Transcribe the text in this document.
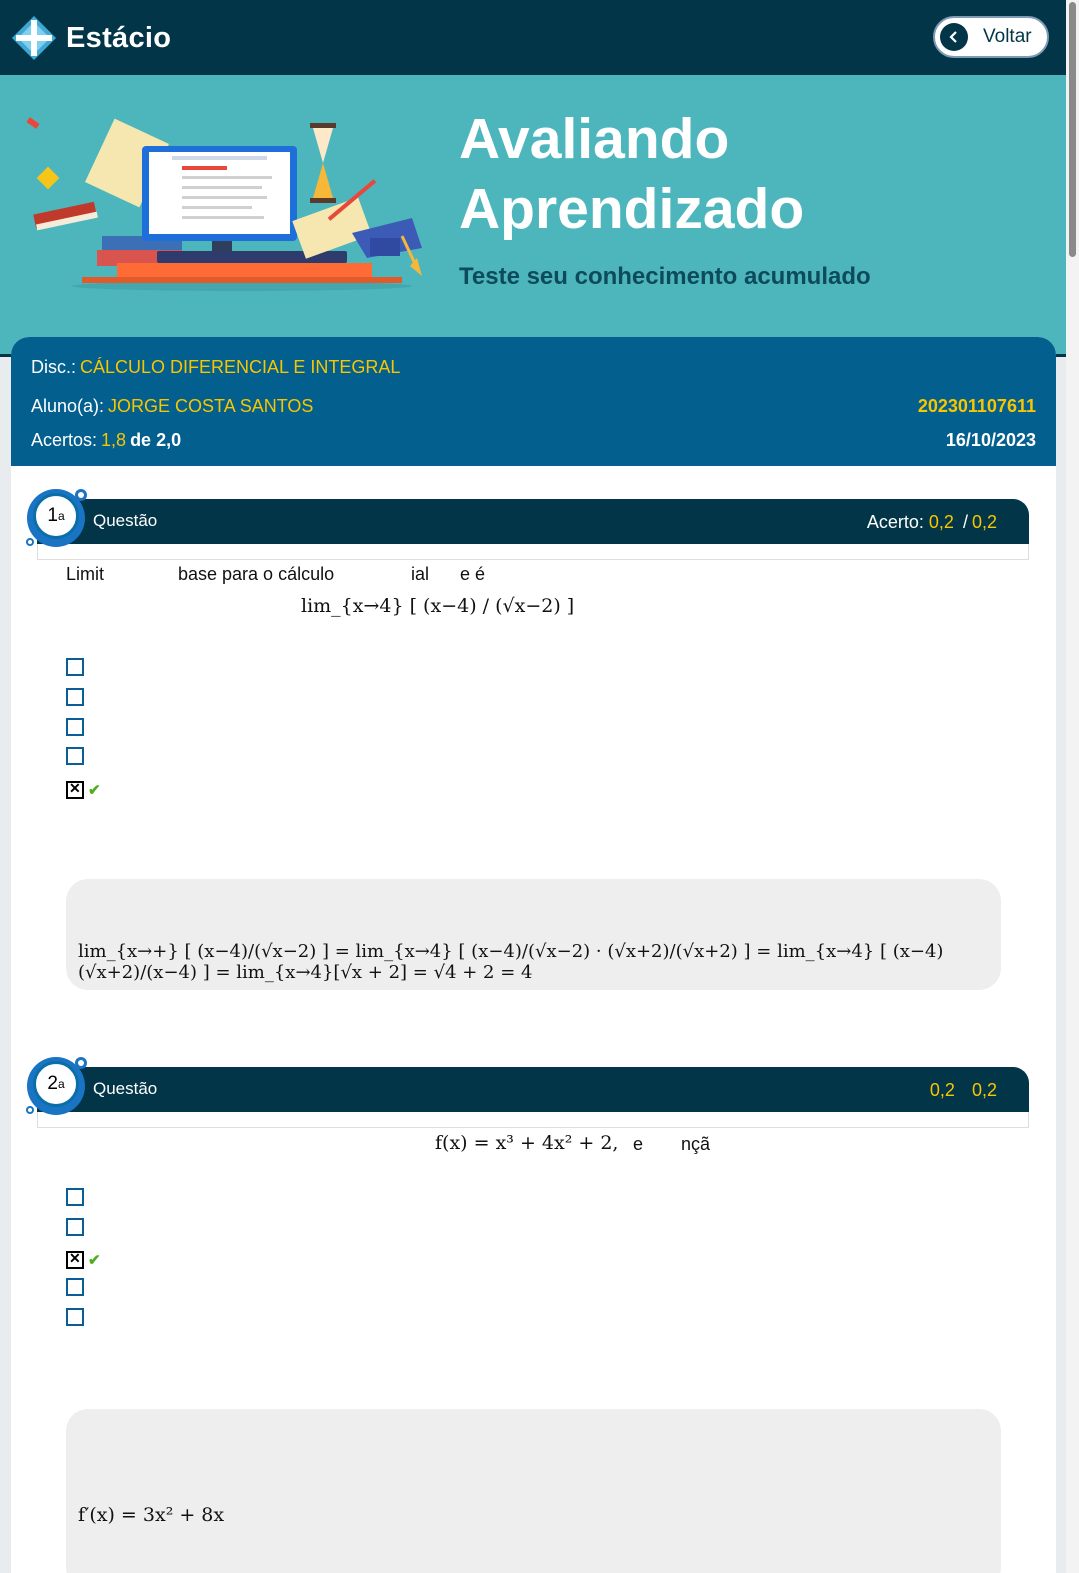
Estácio	Voltar
Avaliando
Aprendizado
Teste seu conhecimento acumulado
Disc.: CÁLCULO DIFERENCIAL E INTEGRAL
Aluno(a): JORGE COSTA SANTOS	202301107611
Acertos: 1,8 de 2,0	16/10/2023
Questão	Acerto: 0,2 / 0,2
1 a
Limit	base para o cálculo	ial e é
lim_{x→4} [ (x−4) / (√x−2) ]
✕
✔
lim_{x→+} [ (x−4)/(√x−2) ] = lim_{x→4} [ (x−4)/(√x−2) · (√x+2)/(√x+2) ] = lim_{x→4} [ (x−4)(√x+2)/(x−4) ] = lim_{x→4}[√x + 2] = √4 + 2 = 4
Questão	0,2 0,2
2 a
f(x) = x³ + 4x² + 2, e nçã
✕
✔
f′(x) = 3x² + 8x
